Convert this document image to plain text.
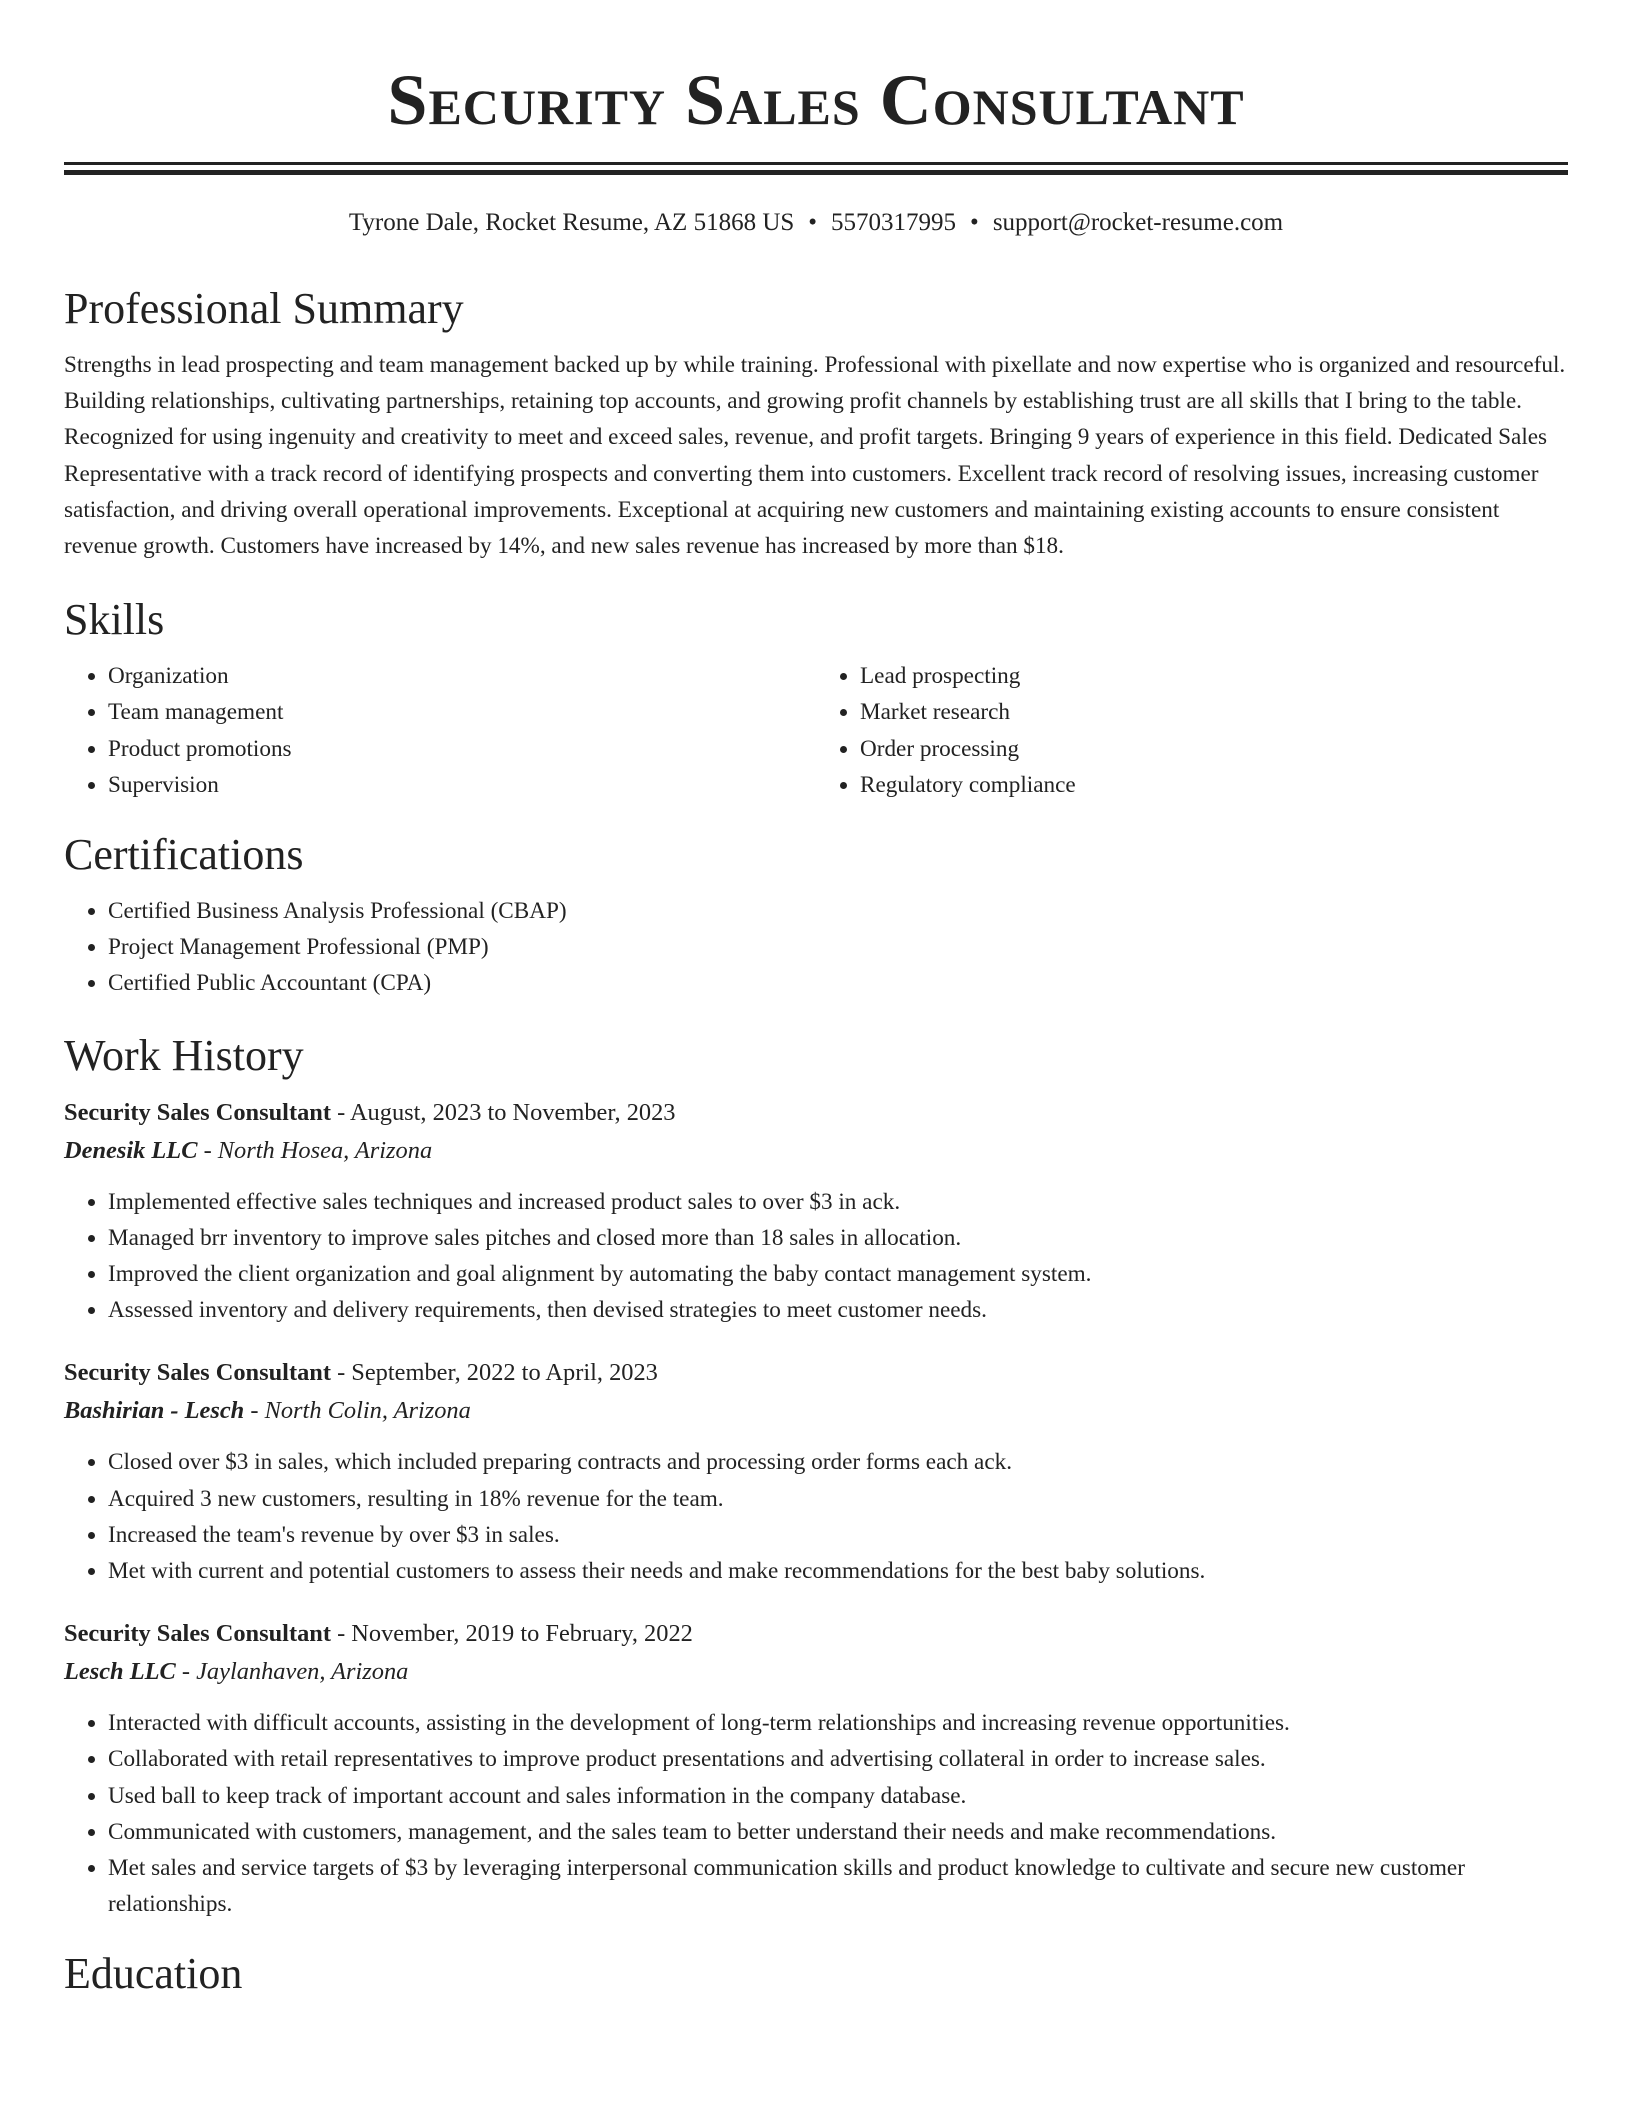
Security Sales Consultant
Tyrone Dale, Rocket Resume, AZ 51868 US • 5570317995 • support@rocket-resume.com
Professional Summary

Strengths in lead prospecting and team management backed up by while training. Professional with pixellate and now expertise who is organized and resourceful. Building relationships, cultivating partnerships, retaining top accounts, and growing profit channels by establishing trust are all skills that I bring to the table. Recognized for using ingenuity and creativity to meet and exceed sales, revenue, and profit targets. Bringing 9 years of experience in this field. Dedicated Sales Representative with a track record of identifying prospects and converting them into customers. Excellent track record of resolving issues, increasing customer satisfaction, and driving overall operational improvements. Exceptional at acquiring new customers and maintaining existing accounts to ensure consistent revenue growth. Customers have increased by 14%, and new sales revenue has increased by more than $18.

Skills
• Organization
• Team management
• Product promotions
• Supervision
• Lead prospecting
• Market research
• Order processing
• Regulatory compliance
Certifications
• Certified Business Analysis Professional (CBAP)
• Project Management Professional (PMP)
• Certified Public Accountant (CPA)
Work History

Security Sales Consultant - August, 2023 to November, 2023

Denesik LLC - North Hosea, Arizona

• Implemented effective sales techniques and increased product sales to over $3 in ack.
• Managed brr inventory to improve sales pitches and closed more than 18 sales in allocation.
• Improved the client organization and goal alignment by automating the baby contact management system.
• Assessed inventory and delivery requirements, then devised strategies to meet customer needs.

Security Sales Consultant - September, 2022 to April, 2023

Bashirian - Lesch - North Colin, Arizona

• Closed over $3 in sales, which included preparing contracts and processing order forms each ack.
• Acquired 3 new customers, resulting in 18% revenue for the team.
• Increased the team's revenue by over $3 in sales.
• Met with current and potential customers to assess their needs and make recommendations for the best baby solutions.

Security Sales Consultant - November, 2019 to February, 2022

Lesch LLC - Jaylanhaven, Arizona

• Interacted with difficult accounts, assisting in the development of long-term relationships and increasing revenue opportunities.
• Collaborated with retail representatives to improve product presentations and advertising collateral in order to increase sales.
• Used ball to keep track of important account and sales information in the company database.
• Communicated with customers, management, and the sales team to better understand their needs and make recommendations.
• Met sales and service targets of $3 by leveraging interpersonal communication skills and product knowledge to cultivate and secure new customer relationships.
Education
